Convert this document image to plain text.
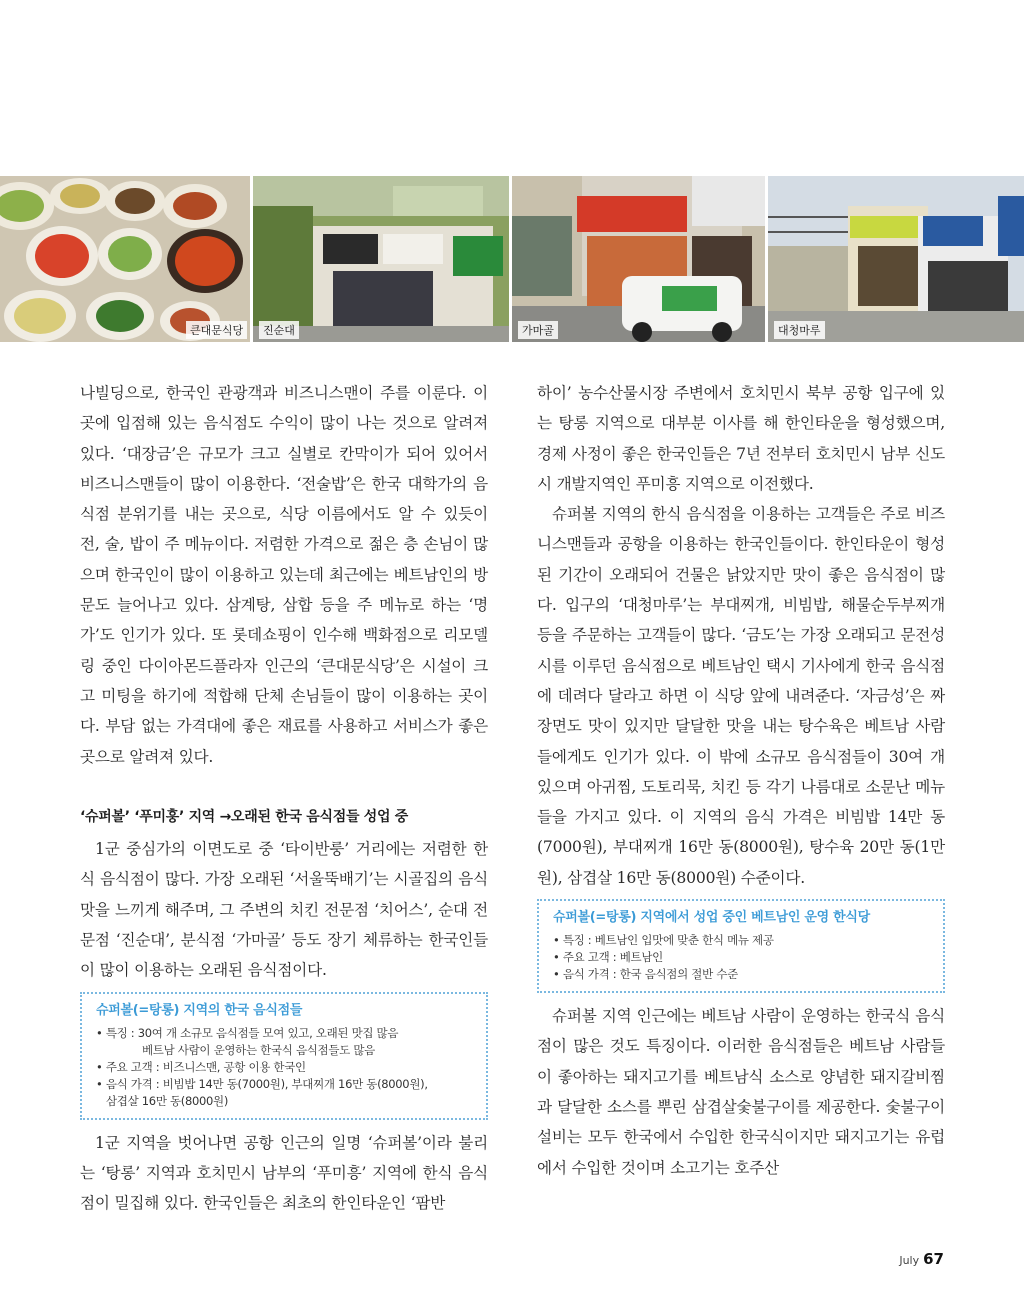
큰대문식당	진순대	가마골	대청마루

나빌딩으로, 한국인 관광객과 비즈니스맨이 주를 이룬다. 이곳에 입점해 있는 음식점도 수익이 많이 나는 것으로 알려져 있다. ‘대장금’은 규모가 크고 실별로 칸막이가 되어 있어서 비즈니스맨들이 많이 이용한다. ‘전술밥’은 한국 대학가의 음식점 분위기를 내는 곳으로, 식당 이름에서도 알 수 있듯이 전, 술, 밥이 주 메뉴이다. 저렴한 가격으로 젊은 층 손님이 많으며 한국인이 많이 이용하고 있는데 최근에는 베트남인의 방문도 늘어나고 있다. 삼계탕, 삼합 등을 주 메뉴로 하는 ‘명가’도 인기가 있다. 또 롯데쇼핑이 인수해 백화점으로 리모델링 중인 다이아몬드플라자 인근의 ‘큰대문식당’은 시설이 크고 미팅을 하기에 적합해 단체 손님들이 많이 이용하는 곳이다. 부담 없는 가격대에 좋은 재료를 사용하고 서비스가 좋은 곳으로 알려져 있다.

‘슈퍼볼’ ‘푸미훙’ 지역 →오래된 한국 음식점들 성업 중

1군 중심가의 이면도로 중 ‘타이반룽’ 거리에는 저렴한 한식 음식점이 많다. 가장 오래된 ‘서울뚝배기’는 시골집의 음식 맛을 느끼게 해주며, 그 주변의 치킨 전문점 ‘치어스’, 순대 전문점 ‘진순대’, 분식점 ‘가마골’ 등도 장기 체류하는 한국인들이 많이 이용하는 오래된 음식점이다.

슈퍼볼(=탕롱) 지역의 한국 음식점들
• 특징 : 30여 개 소규모 음식점들 모여 있고, 오래된 맛집 많음
베트남 사람이 운영하는 한국식 음식점들도 많음
• 주요 고객 : 비즈니스맨, 공항 이용 한국인
• 음식 가격 : 비빔밥 14만 동(7000원), 부대찌개 16만 동(8000원),
삼겹살 16만 동(8000원)

1군 지역을 벗어나면 공항 인근의 일명 ‘슈퍼볼’이라 불리는 ‘탕롱’ 지역과 호치민시 남부의 ‘푸미흥’ 지역에 한식 음식점이 밀집해 있다. 한국인들은 최초의 한인타운인 ‘팜반

하이’ 농수산물시장 주변에서 호치민시 북부 공항 입구에 있는 탕롱 지역으로 대부분 이사를 해 한인타운을 형성했으며, 경제 사정이 좋은 한국인들은 7년 전부터 호치민시 남부 신도시 개발지역인 푸미흥 지역으로 이전했다.

슈퍼볼 지역의 한식 음식점을 이용하는 고객들은 주로 비즈니스맨들과 공항을 이용하는 한국인들이다. 한인타운이 형성된 기간이 오래되어 건물은 낡았지만 맛이 좋은 음식점이 많다. 입구의 ‘대청마루’는 부대찌개, 비빔밥, 해물순두부찌개 등을 주문하는 고객들이 많다. ‘금도’는 가장 오래되고 문전성시를 이루던 음식점으로 베트남인 택시 기사에게 한국 음식점에 데려다 달라고 하면 이 식당 앞에 내려준다. ‘자금성’은 짜장면도 맛이 있지만 달달한 맛을 내는 탕수육은 베트남 사람들에게도 인기가 있다. 이 밖에 소규모 음식점들이 30여 개 있으며 아귀찜, 도토리묵, 치킨 등 각기 나름대로 소문난 메뉴들을 가지고 있다. 이 지역의 음식 가격은 비빔밥 14만 동(7000원), 부대찌개 16만 동(8000원), 탕수육 20만 동(1만 원), 삼겹살 16만 동(8000원) 수준이다.

슈퍼볼(=탕롱) 지역에서 성업 중인 베트남인 운영 한식당
• 특징 : 베트남인 입맛에 맞춘 한식 메뉴 제공
• 주요 고객 : 베트남인
• 음식 가격 : 한국 음식점의 절반 수준

슈퍼볼 지역 인근에는 베트남 사람이 운영하는 한국식 음식점이 많은 것도 특징이다. 이러한 음식점들은 베트남 사람들이 좋아하는 돼지고기를 베트남식 소스로 양념한 돼지갈비찜과 달달한 소스를 뿌린 삼겹살숯불구이를 제공한다. 숯불구이 설비는 모두 한국에서 수입한 한국식이지만 돼지고기는 유럽에서 수입한 것이며 소고기는 호주산

July 67
